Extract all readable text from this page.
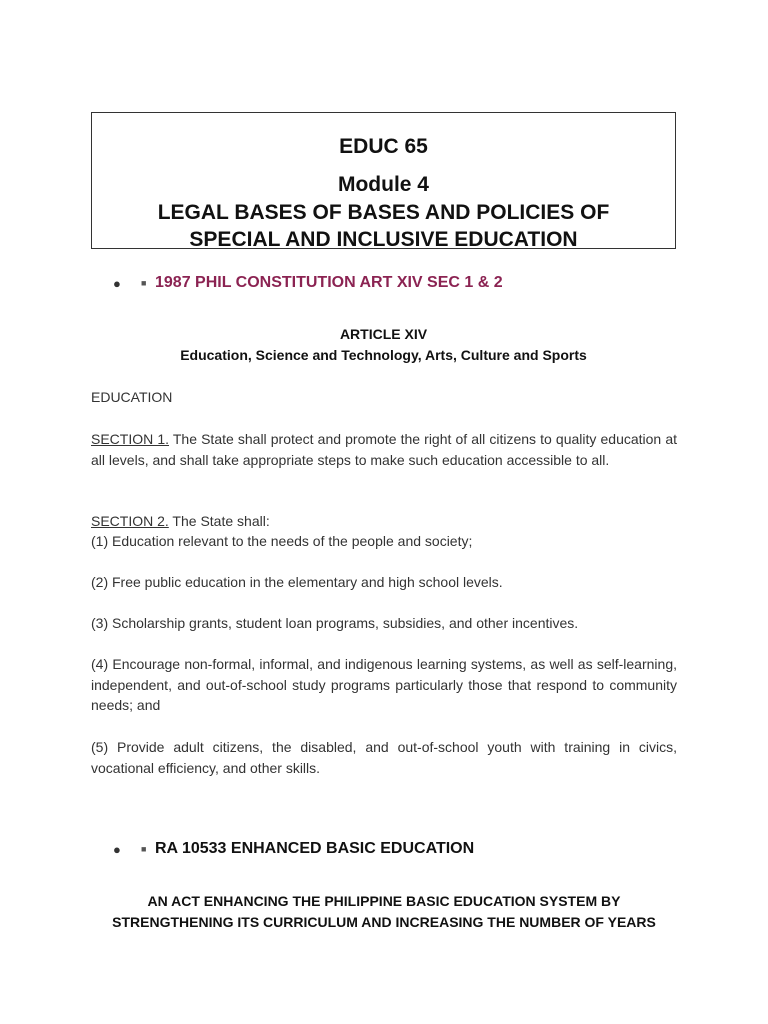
EDUC 65
Module 4
LEGAL BASES OF BASES AND POLICIES OF
SPECIAL AND INCLUSIVE EDUCATION
●	■ 1987 PHIL CONSTITUTION ART XIV SEC 1 & 2
ARTICLE XIV
Education, Science and Technology, Arts, Culture and Sports

EDUCATION

SECTION 1. The State shall protect and promote the right of all citizens to quality education at all levels, and shall take appropriate steps to make such education accessible to all.

SECTION 2. The State shall:

(1) Education relevant to the needs of the people and society;

(2) Free public education in the elementary and high school levels.

(3) Scholarship grants, student loan programs, subsidies, and other incentives.

(4) Encourage non-formal, informal, and indigenous learning systems, as well as self-learning, independent, and out-of-school study programs particularly those that respond to community needs; and

(5) Provide adult citizens, the disabled, and out-of-school youth with training in civics, vocational efficiency, and other skills.

●	■ RA 10533 ENHANCED BASIC EDUCATION
AN ACT ENHANCING THE PHILIPPINE BASIC EDUCATION SYSTEM BY
STRENGTHENING ITS CURRICULUM AND INCREASING THE NUMBER OF YEARS
